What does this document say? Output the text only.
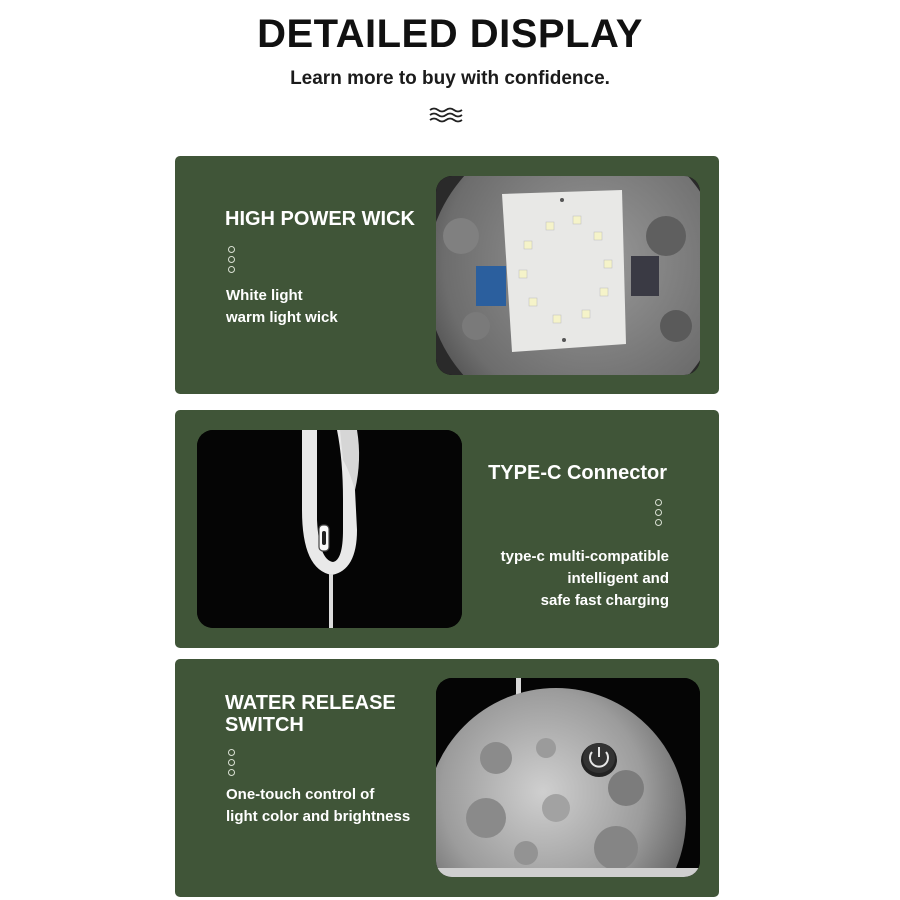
DETAILED DISPLAY
Learn more to buy with confidence.
HIGH POWER WICK
White light
warm light wick
TYPE-C Connector
type-c multi-compatible
intelligent and
safe fast charging
WATER RELEASE
SWITCH
One-touch control of
light color and brightness
